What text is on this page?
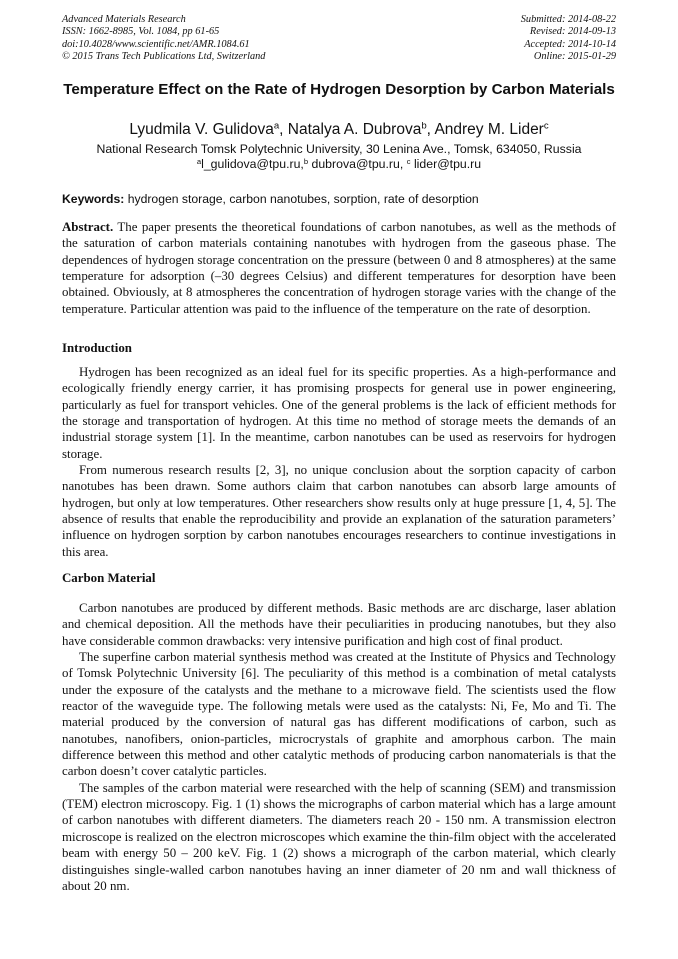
Advanced Materials Research
ISSN: 1662-8985, Vol. 1084, pp 61-65
doi:10.4028/www.scientific.net/AMR.1084.61
© 2015 Trans Tech Publications Ltd, Switzerland
Submitted: 2014-08-22
Revised: 2014-09-13
Accepted: 2014-10-14
Online: 2015-01-29
Temperature Effect on the Rate of Hydrogen Desorption by Carbon Materials
Lyudmila V. Gulidova$^a$, Natalya A. Dubrova$^b$, Andrey M. Lider$^c$
National Research Tomsk Polytechnic University, 30 Lenina Ave., Tomsk, 634050, Russia
$^a$l_gulidova@tpu.ru,$^b$ dubrova@tpu.ru, $^c$ lider@tpu.ru
Keywords: hydrogen storage, carbon nanotubes, sorption, rate of desorption

Abstract. The paper presents the theoretical foundations of carbon nanotubes, as well as the methods of the saturation of carbon materials containing nanotubes with hydrogen from the gaseous phase. The dependences of hydrogen storage concentration on the pressure (between 0 and 8 atmospheres) at the same temperature for adsorption (–30 degrees Celsius) and different temperatures for desorption have been obtained. Obviously, at 8 atmospheres the concentration of hydrogen storage varies with the change of the temperature. Particular attention was paid to the influence of the temperature on the rate of desorption.

Introduction

Hydrogen has been recognized as an ideal fuel for its specific properties. As a high-performance and ecologically friendly energy carrier, it has promising prospects for general use in power engineering, particularly as fuel for transport vehicles. One of the general problems is the lack of efficient methods for the storage and transportation of hydrogen. At this time no method of storage meets the demands of an industrial storage system [1]. In the meantime, carbon nanotubes can be used as reservoirs for hydrogen storage.

From numerous research results [2, 3], no unique conclusion about the sorption capacity of carbon nanotubes has been drawn. Some authors claim that carbon nanotubes can absorb large amounts of hydrogen, but only at low temperatures. Other researchers show results only at huge pressure [1, 4, 5]. The absence of results that enable the reproducibility and provide an explanation of the saturation parameters’ influence on hydrogen sorption by carbon nanotubes encourages researchers to continue investigations in this area.

Carbon Material

Carbon nanotubes are produced by different methods. Basic methods are arc discharge, laser ablation and chemical deposition. All the methods have their peculiarities in producing nanotubes, but they also have considerable common drawbacks: very intensive purification and high cost of final product.

The superfine carbon material synthesis method was created at the Institute of Physics and Technology of Tomsk Polytechnic University [6]. The peculiarity of this method is a combination of metal catalysts under the exposure of the catalysts and the methane to a microwave field. The scientists used the flow reactor of the waveguide type. The following metals were used as the catalysts: Ni, Fe, Mo and Ti. The material produced by the conversion of natural gas has different modifications of carbon, such as nanotubes, nanofibers, onion-particles, microcrystals of graphite and amorphous carbon. The main difference between this method and other catalytic methods of producing carbon nanomaterials is that the carbon doesn’t cover catalytic particles.

The samples of the carbon material were researched with the help of scanning (SEM) and transmission (TEM) electron microscopy. Fig. 1 (1) shows the micrographs of carbon material which has a large amount of carbon nanotubes with different diameters. The diameters reach 20 - 150 nm. A transmission electron microscope is realized on the electron microscopes which examine the thin-film object with the accelerated beam with energy 50 – 200 keV. Fig. 1 (2) shows a micrograph of the carbon material, which clearly distinguishes single-walled carbon nanotubes having an inner diameter of 20 nm and wall thickness of about 20 nm.
